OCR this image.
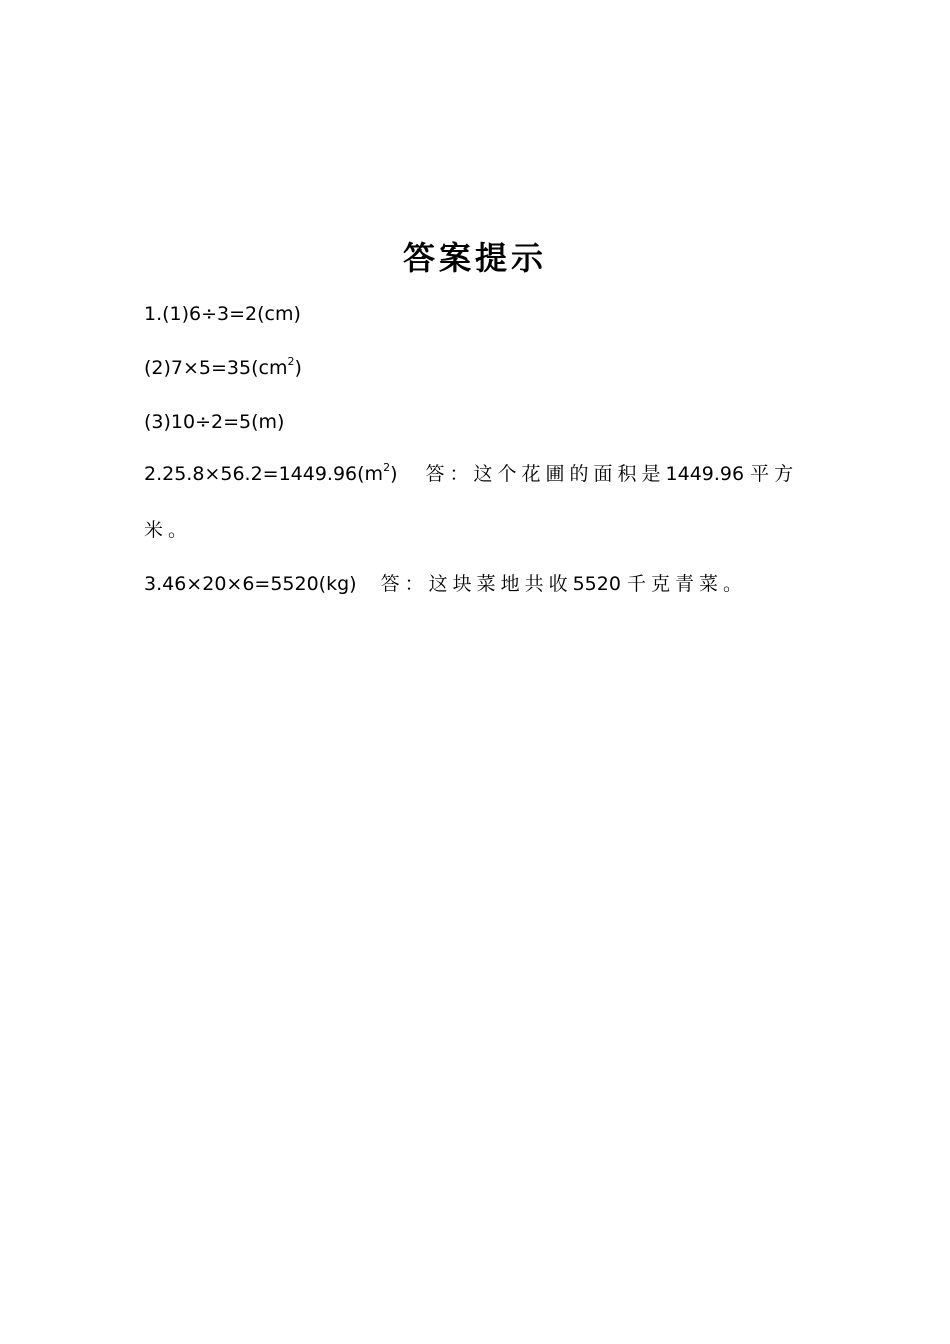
答案提示
1.(1)6÷3=2(cm)
$(2)7\times 5=35(cm^2)$
(3)10÷2=5(m)
$2.25.8\times 56.2=1449.96(m^2)$ 答：这个花圃的面积是1449.96 平方
米。
3.46×20×6=5520(kg) 答：这块菜地共收5520 千克青菜。
